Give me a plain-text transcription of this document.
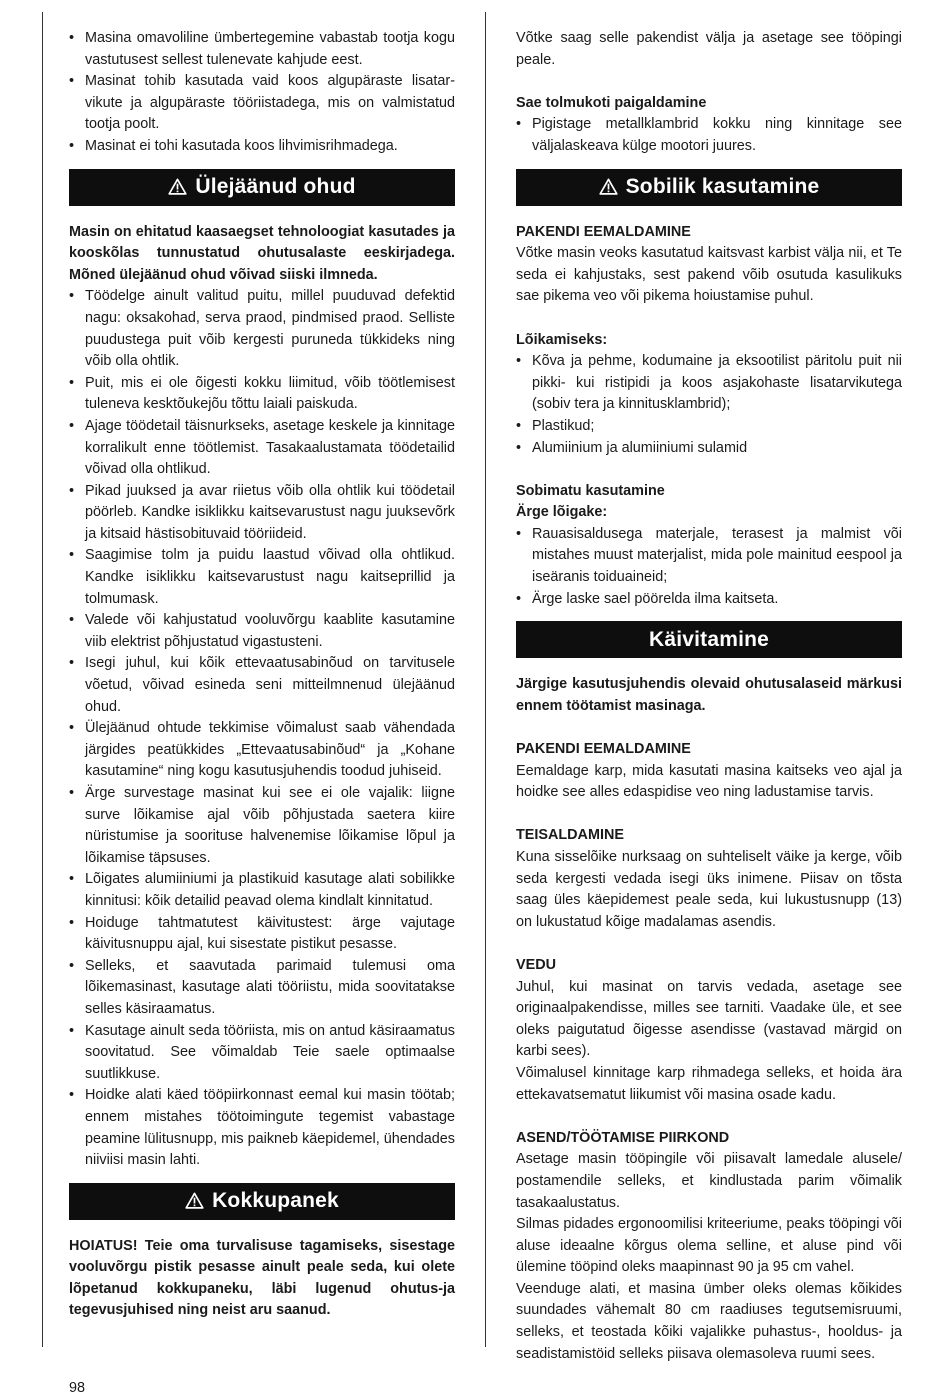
• Masina omavoliline ümbertegemine vabastab tootja kogu vastutusest sellest tulenevate kahjude eest.
• Masinat tohib kasutada vaid koos algupäraste lisatar-vikute ja algupäraste tööriistadega, mis on valmistatud tootja poolt.
• Masinat ei tohi kasutada koos lihvimisrihmadega.
Ülejäänud ohud

Masin on ehitatud kaasaegset tehnoloogiat kasutades ja kooskõlas tunnustatud ohutusalaste eeskirjadega. Mõned ülejäänud ohud võivad siiski ilmneda.

• Töödelge ainult valitud puitu, millel puuduvad defektid nagu: oksakohad, serva praod, pindmised praod. Selliste puudustega puit võib kergesti puruneda tükkideks ning võib olla ohtlik.
• Puit, mis ei ole õigesti kokku liimitud, võib töötlemisest tuleneva kesktõukejõu tõttu laiali paiskuda.
• Ajage töödetail täisnurkseks, asetage keskele ja kinnitage korralikult enne töötlemist. Tasakaalustamata töödetailid võivad olla ohtlikud.
• Pikad juuksed ja avar riietus võib olla ohtlik kui töödetail pöörleb. Kandke isiklikku kaitsevarustust nagu juuksevõrk ja kitsaid hästisobituvaid tööriideid.
• Saagimise tolm ja puidu laastud võivad olla ohtlikud. Kandke isiklikku kaitsevarustust nagu kaitseprillid ja tolmumask.
• Valede või kahjustatud vooluvõrgu kaablite kasutamine viib elektrist põhjustatud vigastusteni.
• Isegi juhul, kui kõik ettevaatusabinõud on tarvitusele võetud, võivad esineda seni mitteilmnenud ülejäänud ohud.
• Ülejäänud ohtude tekkimise võimalust saab vähendada järgides peatükkides „Ettevaatusabinõud“ ja „Kohane kasutamine“ ning kogu kasutusjuhendis toodud juhiseid.
• Ärge survestage masinat kui see ei ole vajalik: liigne surve lõikamise ajal võib põhjustada saetera kiire nüristumise ja soorituse halvenemise lõikamise lõpul ja lõikamise täpsuses.
• Lõigates alumiiniumi ja plastikuid kasutage alati sobilikke kinnitusi: kõik detailid peavad olema kindlalt kinnitatud.
• Hoiduge tahtmatutest käivitustest: ärge vajutage käivitusnuppu ajal, kui sisestate pistikut pesasse.
• Selleks, et saavutada parimaid tulemusi oma lõikemasinast, kasutage alati tööriistu, mida soovitatakse selles käsiraamatus.
• Kasutage ainult seda tööriista, mis on antud käsiraamatus soovitatud. See võimaldab Teie saele optimaalse suutlikkuse.
• Hoidke alati käed tööpiirkonnast eemal kui masin töötab; ennem mistahes töötoimingute tegemist vabastage peamine lülitusnupp, mis paikneb käepidemel, ühendades niiviisi masin lahti.
Kokkupanek

HOIATUS! Teie oma turvalisuse tagamiseks, sisestage vooluvõrgu pistik pesasse ainult peale seda, kui olete lõpetanud kokkupaneku, läbi lugenud ohutus-ja tegevusjuhised ning neist aru saanud.

Võtke saag selle pakendist välja ja asetage see tööpingi peale.

Sae tolmukoti paigaldamine

• Pigistage metallklambrid kokku ning kinnitage see väljalaskeava külge mootori juures.
Sobilik kasutamine

PAKENDI EEMALDAMINE

Võtke masin veoks kasutatud kaitsvast karbist välja nii, et Te seda ei kahjustaks, sest pakend võib osutuda kasulikuks sae pikema veo või pikema hoiustamise puhul.

Lõikamiseks:

• Kõva ja pehme, kodumaine ja eksootilist päritolu puit nii pikki- kui ristipidi ja koos asjakohaste lisatarvikutega (sobiv tera ja kinnitusklambrid);
• Plastikud;
• Alumiinium ja alumiiniumi sulamid

Sobimatu kasutamine

Ärge lõigake:

• Rauasisaldusega materjale, terasest ja malmist või mistahes muust materjalist, mida pole mainitud eespool ja iseäranis toiduaineid;
• Ärge laske sael pöörelda ilma kaitseta.
Käivitamine

Järgige kasutusjuhendis olevaid ohutusalaseid märkusi ennem töötamist masinaga.

PAKENDI EEMALDAMINE

Eemaldage karp, mida kasutati masina kaitseks veo ajal ja hoidke see alles edaspidise veo ning ladustamise tarvis.

TEISALDAMINE

Kuna sisselõike nurksaag on suhteliselt väike ja kerge, võib seda kergesti vedada isegi üks inimene. Piisav on tõsta saag üles käepidemest peale seda, kui lukustusnupp (13) on lukustatud kõige madalamas asendis.

VEDU

Juhul, kui masinat on tarvis vedada, asetage see originaalpakendisse, milles see tarniti. Vaadake üle, et see oleks paigutatud õigesse asendisse (vastavad märgid on karbi sees).

Võimalusel kinnitage karp rihmadega selleks, et hoida ära ettekavatsematut liikumist või masina osade kadu.

ASEND/TÖÖTAMISE PIIRKOND

Asetage masin tööpingile või piisavalt lamedale alusele/ postamendile selleks, et kindlustada parim võimalik tasakaalustatus.

Silmas pidades ergonoomilisi kriteeriume, peaks tööpingi või aluse ideaalne kõrgus olema selline, et aluse pind või ülemine tööpind oleks maapinnast 90 ja 95 cm vahel.

Veenduge alati, et masina ümber oleks olemas kõikides suundades vähemalt 80 cm raadiuses tegutsemisruumi, selleks, et teostada kõiki vajalikke puhastus-, hooldus- ja seadistamistöid selleks piisava olemasoleva ruumi sees.

98
